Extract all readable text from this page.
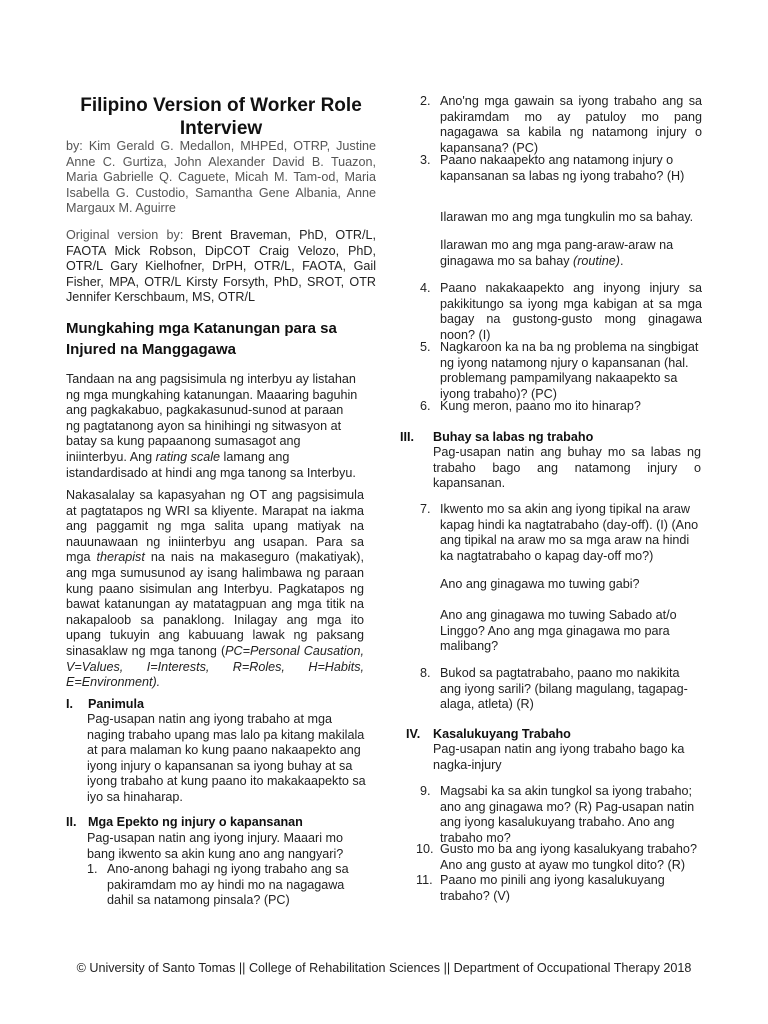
Filipino Version of Worker Role Interview
by: Kim Gerald G. Medallon, MHPEd, OTRP, Justine Anne C. Gurtiza, John Alexander David B. Tuazon, Maria Gabrielle Q. Caguete, Micah M. Tam-od, Maria Isabella G. Custodio, Samantha Gene Albania, Anne Margaux M. Aguirre
Original version by: Brent Braveman, PhD, OTR/L, FAOTA Mick Robson, DipCOT Craig Velozo, PhD, OTR/L Gary Kielhofner, DrPH, OTR/L, FAOTA, Gail Fisher, MPA, OTR/L Kirsty Forsyth, PhD, SROT, OTR Jennifer Kerschbaum, MS, OTR/L
Mungkahing mga Katanungan para sa Injured na Manggagawa
Tandaan na ang pagsisimula ng interbyu ay listahan ng mga mungkahing katanungan. Maaaring baguhin ang pagkakabuo, pagkakasunud-sunod at paraan ng pagtatanong ayon sa hinihingi ng sitwasyon at batay sa kung papaanong sumasagot ang iniinterbyu. Ang rating scale lamang ang istandardisado at hindi ang mga tanong sa Interbyu.
Nakasalalay sa kapasyahan ng OT ang pagsisimula at pagtatapos ng WRI sa kliyente. Marapat na iakma ang paggamit ng mga salita upang matiyak na nauunawaan ng iniinterbyu ang usapan. Para sa mga therapist na nais na makaseguro (makatiyak), ang mga sumusunod ay isang halimbawa ng paraan kung paano sisimulan ang Interbyu. Pagkatapos ng bawat katanungan ay matatagpuan ang mga titik na nakapaloob sa panaklong. Inilagay ang mga ito upang tukuyin ang kabuuang lawak ng paksang sinasaklaw ng mga tanong (PC=Personal Causation, V=Values, I=Interests, R=Roles, H=Habits, E=Environment).
I. Panimula
Pag-usapan natin ang iyong trabaho at mga naging trabaho upang mas lalo pa kitang makilala at para malaman ko kung paano nakaapekto ang iyong injury o kapansanan sa iyong buhay at sa iyong trabaho at kung paano ito makakaapekto sa iyo sa hinaharap.
II. Mga Epekto ng injury o kapansanan
Pag-usapan natin ang iyong injury. Maaari mo bang ikwento sa akin kung ano ang nangyari?
1. Ano-anong bahagi ng iyong trabaho ang sa pakiramdam mo ay hindi mo na nagagawa dahil sa natamong pinsala? (PC)
2. Ano'ng mga gawain sa iyong trabaho ang sa pakiramdam mo ay patuloy mo pang nagagawa sa kabila ng natamong injury o kapansana? (PC)
3. Paano nakaapekto ang natamong injury o kapansanan sa labas ng iyong trabaho? (H)
Ilarawan mo ang mga tungkulin mo sa bahay.
Ilarawan mo ang mga pang-araw-araw na ginagawa mo sa bahay (routine).
4. Paano nakakaapekto ang inyong injury sa pakikitungo sa iyong mga kabigan at sa mga bagay na gustong-gusto mong ginagawa noon? (I)
5. Nagkaroon ka na ba ng problema na singbigat ng iyong natamong njury o kapansanan (hal. problemang pampamilyang nakaapekto sa iyong trabaho)? (PC)
6. Kung meron, paano mo ito hinarap?
III. Buhay sa labas ng trabaho
Pag-usapan natin ang buhay mo sa labas ng trabaho bago ang natamong injury o kapansanan.
7. Ikwento mo sa akin ang iyong tipikal na araw kapag hindi ka nagtatrabaho (day-off). (I) (Ano ang tipikal na araw mo sa mga araw na hindi ka nagtatrabaho o kapag day-off mo?)
Ano ang ginagawa mo tuwing gabi?
Ano ang ginagawa mo tuwing Sabado at/o Linggo? Ano ang mga ginagawa mo para malibang?
8. Bukod sa pagtatrabaho, paano mo nakikita ang iyong sarili? (bilang magulang, tagapag-alaga, atleta) (R)
IV. Kasalukuyang Trabaho
Pag-usapan natin ang iyong trabaho bago ka nagka-injury
9. Magsabi ka sa akin tungkol sa iyong trabaho; ano ang ginagawa mo? (R) Pag-usapan natin ang iyong kasalukuyang trabaho. Ano ang trabaho mo?
10. Gusto mo ba ang iyong kasalukyang trabaho? Ano ang gusto at ayaw mo tungkol dito? (R)
11. Paano mo pinili ang iyong kasalukuyang trabaho? (V)
© University of Santo Tomas || College of Rehabilitation Sciences || Department of Occupational Therapy 2018
